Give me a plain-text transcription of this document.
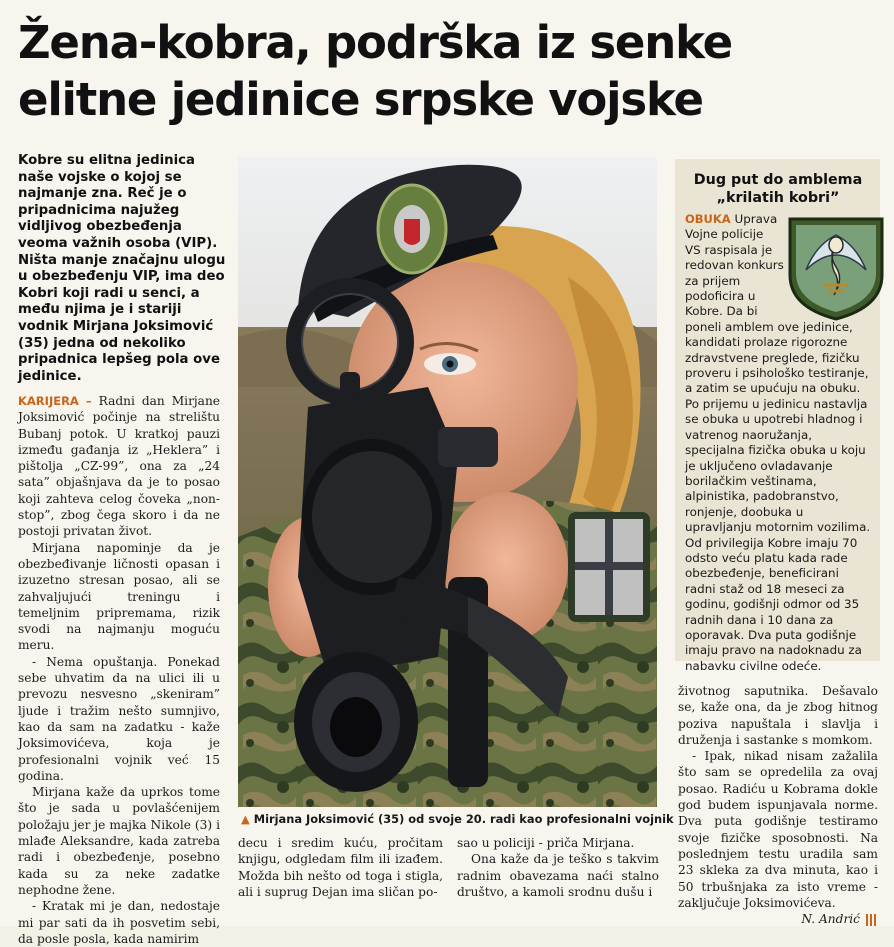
Žena-kobra, podrška iz senke elitne jedinice srpske vojske

Kobre su elitna jedinica naše vojske o kojoj se najmanje zna. Reč je o pripadnicima najužeg vidljivog obezbeđenja veoma važnih osoba (VIP). Ništa manje značajnu ulogu u obezbeđenju VIP, ima deo Kobri koji radi u senci, a među njima je i stariji vodnik Mirjana Joksimović (35) jedna od nekoliko pripadnica lepšeg pola ove jedinice.

KARIJERA – Radni dan Mirjane Joksimović počinje na strelištu Bubanj potok. U kratkoj pauzi između gađanja iz „Heklera” i pištolja „CZ-99”, ona za „24 sata” objašnjava da je to posao koji zahteva celog čoveka „non-stop”, zbog čega skoro i da ne postoji privatan život.

Mirjana napominje da je obezbeđivanje ličnosti opasan i izuzetno stresan posao, ali se zahvaljujući treningu i temeljnim pripremama, rizik svodi na najmanju moguću meru.

- Nema opuštanja. Ponekad sebe uhvatim da na ulici ili u prevozu nesvesno „skeniram” ljude i tražim nešto sumnjivo, kao da sam na zadatku - kaže Joksimovićeva, koja je profesionalni vojnik već 15 godina.

Mirjana kaže da uprkos tome što je sada u povlašćenijem položaju jer je majka Nikole (3) i mlađe Aleksandre, kada zatreba radi i obezbeđenje, posebno kada su za neke zadatke nephodne žene.

- Kratak mi je dan, nedostaje mi par sati da ih posvetim sebi, da posle posla, kada namirim

▲ Mirjana Joksimović (35) od svoje 20. radi kao profesionalni vojnik

decu i sredim kuću, pročitam knjigu, odgledam film ili izađem. Možda bih nešto od toga i stigla, ali i suprug Dejan ima sličan po-

sao u policiji - priča Mirjana.

Ona kaže da je teško s takvim radnim obavezama naći stalno društvo, a kamoli srodnu dušu i

Dug put do amblema „krilatih kobri”
OBUKA Uprava
Vojne policije
VS raspisala je
redovan konkurs
za prijem
podoficira u
Kobre. Da bi
poneli amblem ove jedinice, kandidati prolaze rigorozne zdravstvene preglede, fizičku proveru i psihološko testiranje, a zatim se upućuju na obuku. Po prijemu u jedinicu nastavlja se obuka u upotrebi hladnog i vatrenog naoružanja, specijalna fizička obuka u koju je uključeno ovladavanje borilačkim veštinama, alpinistika, padobranstvo, ronjenje, doobuka u upravljanju motornim vozilima. Od privilegija Kobre imaju 70 odsto veću platu kada rade obezbeđenje, beneficirani radni staž od 18 meseci za godinu, godišnji odmor od 35 radnih dana i 10 dana za oporavak. Dva puta godišnje imaju pravo na nadoknadu za nabavku civilne odeće.

životnog saputnika. Dešavalo se, kaže ona, da je zbog hitnog poziva napuštala i slavlja i druženja i sastanke s momkom.

- Ipak, nikad nisam zažalila što sam se opredelila za ovaj posao. Radiću u Kobrama dokle god budem ispunjavala norme. Dva puta godišnje testiramo svoje fizičke sposobnosti. Na poslednjem testu uradila sam 23 sklekа za dva minuta, kao i 50 trbušnjaka za isto vreme - zaključuje Joksimovićeva.

N. Andrić
